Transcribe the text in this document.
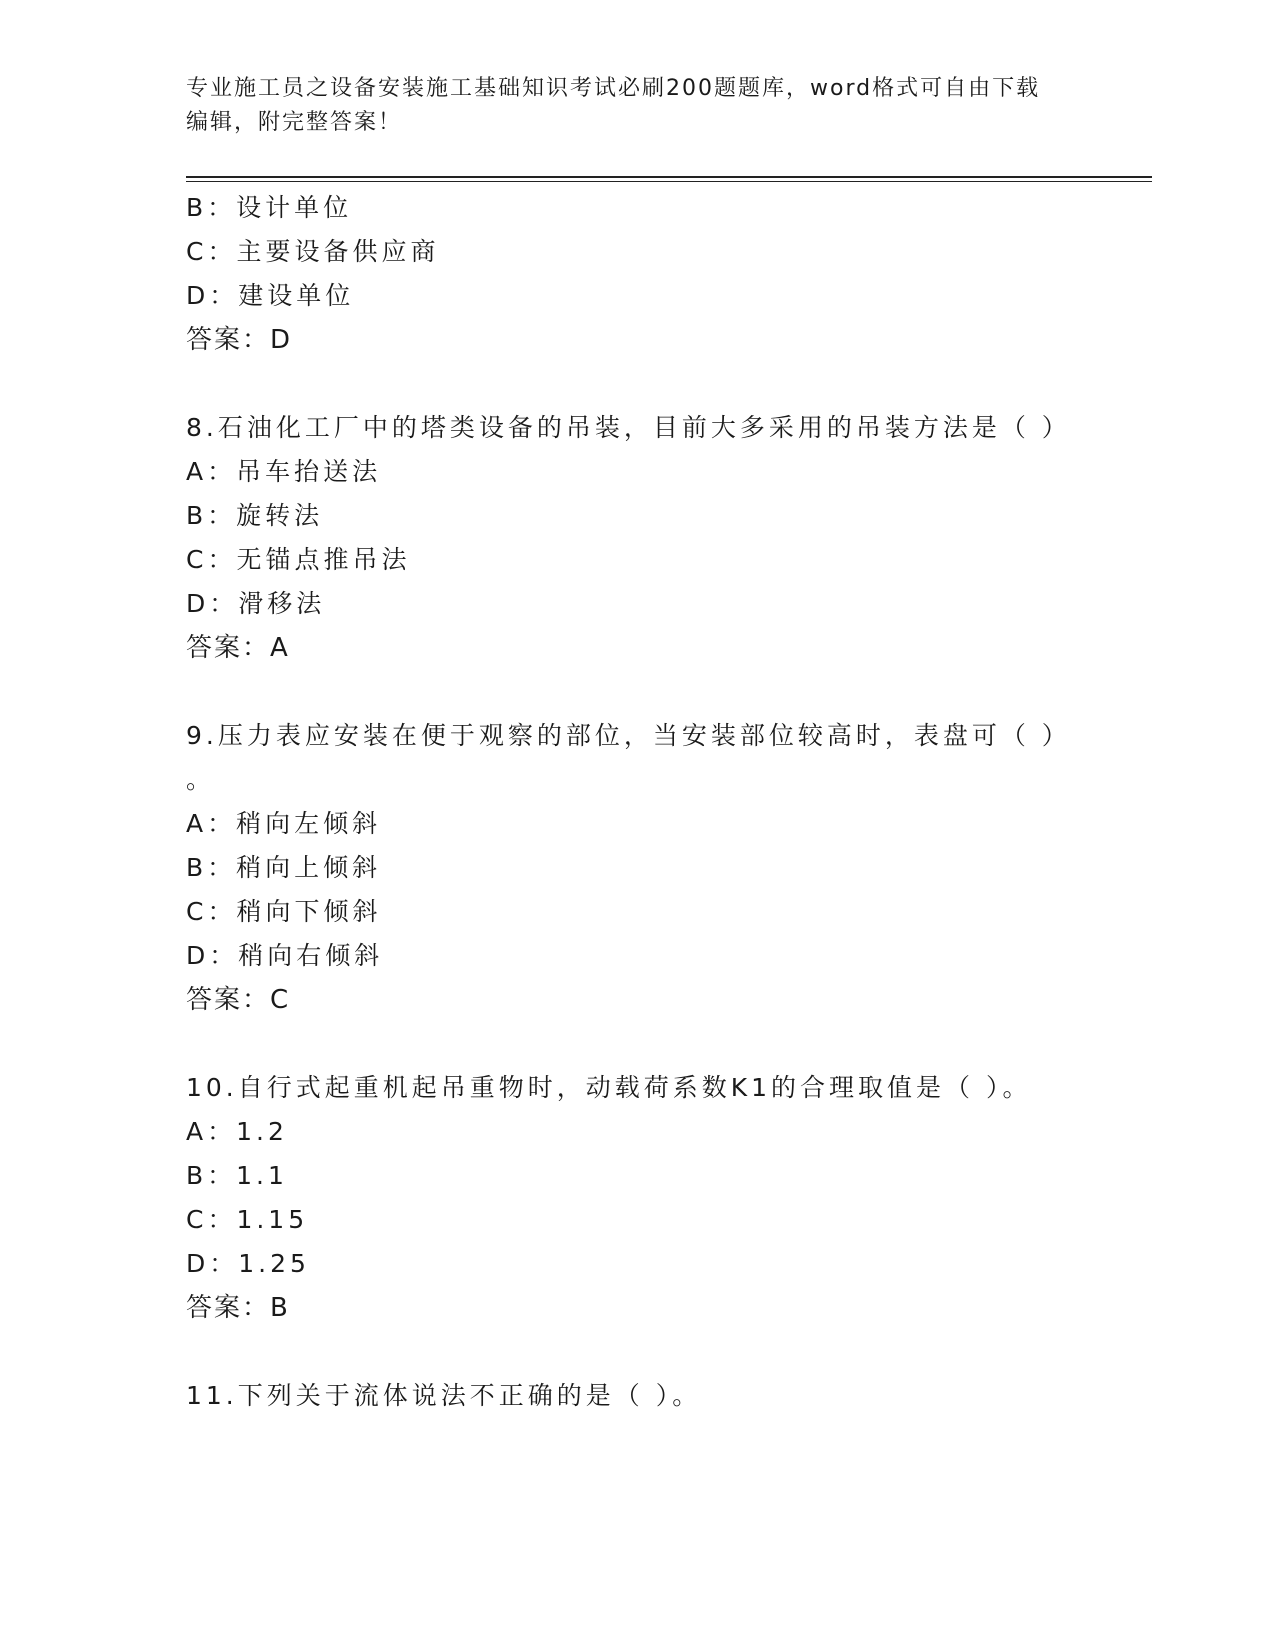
专业施工员之设备安装施工基础知识考试必刷200题题库，word格式可自由下载
编辑，附完整答案！
B：设计单位
C：主要设备供应商
D：建设单位
答案：D
8.石油化工厂中的塔类设备的吊装，目前大多采用的吊装方法是（ ）
A：吊车抬送法
B：旋转法
C：无锚点推吊法
D：滑移法
答案：A
9.压力表应安装在便于观察的部位，当安装部位较高时，表盘可（ ）
。
A：稍向左倾斜
B：稍向上倾斜
C：稍向下倾斜
D：稍向右倾斜
答案：C
10.自行式起重机起吊重物时，动载荷系数K1的合理取值是（ ）。
A：1.2
B：1.1
C：1.15
D：1.25
答案：B
11.下列关于流体说法不正确的是（ ）。
